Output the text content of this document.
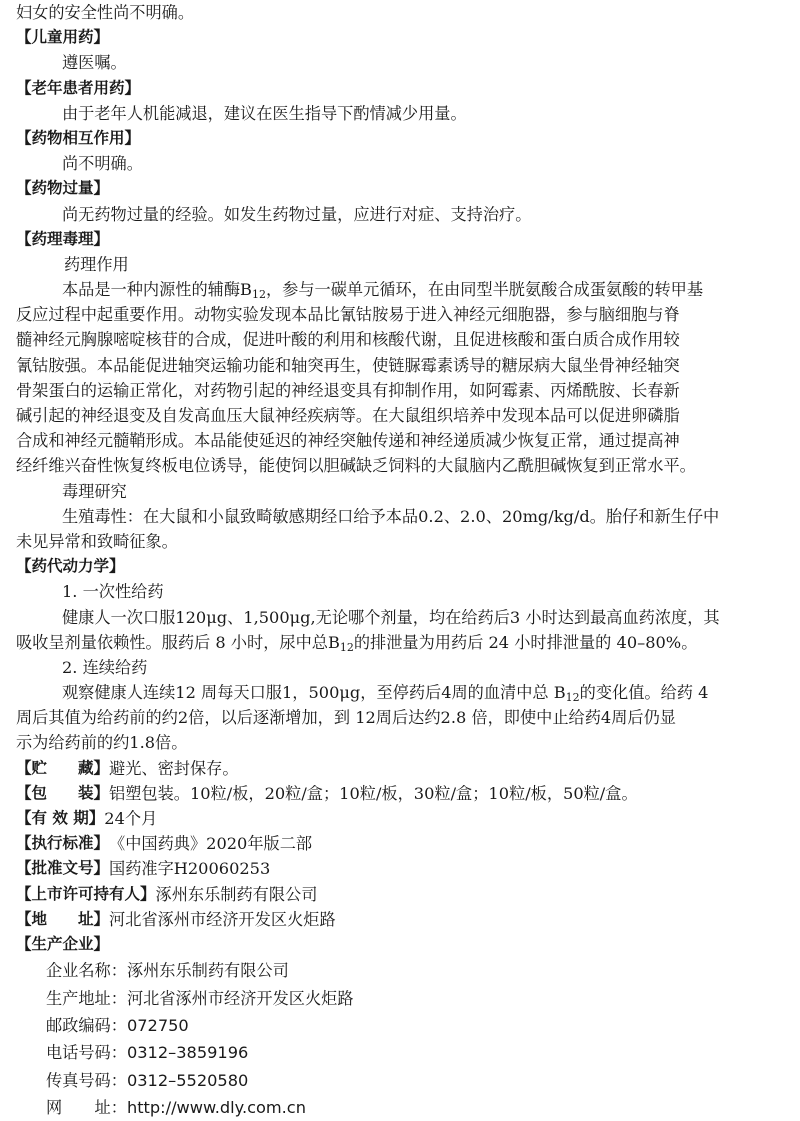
妇女的安全性尚不明确。
【儿童用药】
遵医嘱。
【老年患者用药】
由于老年人机能减退，建议在医生指导下酌情减少用量。
【药物相互作用】
尚不明确。
【药物过量】
尚无药物过量的经验。如发生药物过量，应进行对症、支持治疗。
【药理毒理】
药理作用
本品是一种内源性的辅酶$B_{12}$，参与一碳单元循环，在由同型半胱氨酸合成蛋氨酸的转甲基
反应过程中起重要作用。动物实验发现本品比氰钴胺易于进入神经元细胞器，参与脑细胞与脊
髓神经元胸腺嘧啶核苷的合成，促进叶酸的利用和核酸代谢，且促进核酸和蛋白质合成作用较
氰钴胺强。本品能促进轴突运输功能和轴突再生，使链脲霉素诱导的糖尿病大鼠坐骨神经轴突
骨架蛋白的运输正常化，对药物引起的神经退变具有抑制作用，如阿霉素、丙烯酰胺、长春新
碱引起的神经退变及自发高血压大鼠神经疾病等。在大鼠组织培养中发现本品可以促进卵磷脂
合成和神经元髓鞘形成。本品能使延迟的神经突触传递和神经递质减少恢复正常，通过提高神
经纤维兴奋性恢复终板电位诱导，能使饲以胆碱缺乏饲料的大鼠脑内乙酰胆碱恢复到正常水平。
毒理研究
生殖毒性：在大鼠和小鼠致畸敏感期经口给予本品0.2、2.0、20mg/kg/d。胎仔和新生仔中
未见异常和致畸征象。
【药代动力学】
1. 一次性给药
健康人一次口服120μg、1,500μg,无论哪个剂量，均在给药后3 小时达到最高血药浓度，其
吸收呈剂量依赖性。服药后 8 小时，尿中总$B_{12}$的排泄量为用药后 24 小时排泄量的 40–80%。
2. 连续给药
观察健康人连续12 周每天口服1，500μg，至停药后4周的血清中总 $B_{12}$的变化值。给药 4
周后其值为给药前的约2倍，以后逐渐增加，到 12周后达约2.8 倍，即使中止给药4周后仍显
示为给药前的约1.8倍。
【贮　　藏】 避光、密封保存。
【包　　装】 铝塑包装。10粒/板，20粒/盒；10粒/板，30粒/盒；10粒/板，50粒/盒。
【有 效 期】 24个月
【执行标准】 《中国药典》2020年版二部
【批准文号】 国药准字H20060253
【上市许可持有人】 涿州东乐制药有限公司
【地　　址】 河北省涿州市经济开发区火炬路
【生产企业】
企业名称：涿州东乐制药有限公司
生产地址：河北省涿州市经济开发区火炬路
邮政编码：072750
电话号码：0312–3859196
传真号码：0312–5520580
网　　址：http://www.dly.com.cn
